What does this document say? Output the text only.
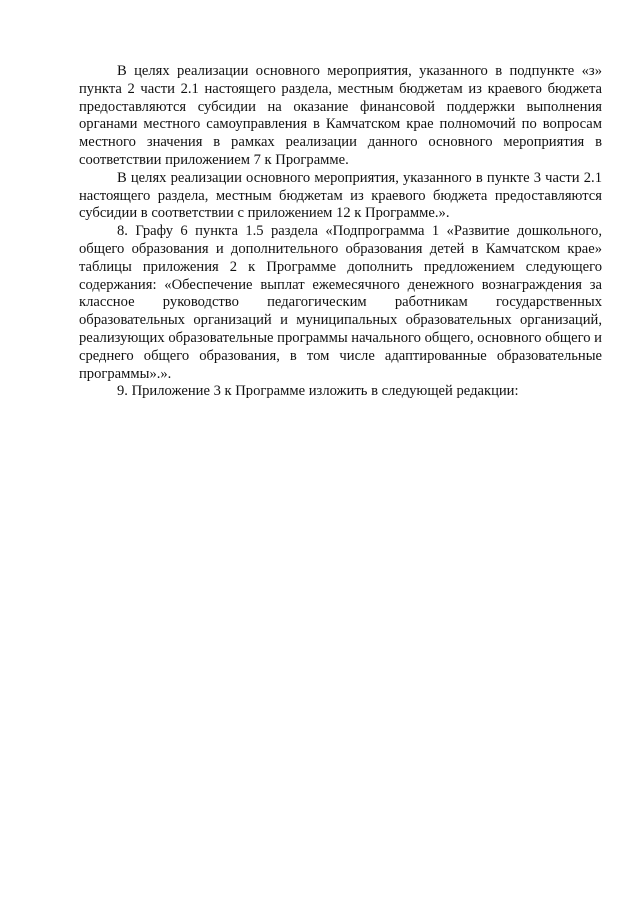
В целях реализации основного мероприятия, указанного в подпункте «з» пункта 2 части 2.1 настоящего раздела, местным бюджетам из краевого бюджета предоставляются субсидии на оказание финансовой поддержки выполнения органами местного самоуправления в Камчатском крае полномочий по вопросам местного значения в рамках реализации данного основного мероприятия в соответствии приложением 7 к Программе.

В целях реализации основного мероприятия, указанного в пункте 3 части 2.1 настоящего раздела, местным бюджетам из краевого бюджета предоставляются субсидии в соответствии с приложением 12 к Программе.».

8. Графу 6 пункта 1.5 раздела «Подпрограмма 1 «Развитие дошкольного, общего образования и дополнительного образования детей в Камчатском крае» таблицы приложения 2 к Программе дополнить предложением следующего содержания: «Обеспечение выплат ежемесячного денежного вознаграждения за классное руководство педагогическим работникам государственных образовательных организаций и муниципальных образовательных организаций, реализующих образовательные программы начального общего, основного общего и среднего общего образования, в том числе адаптированные образовательные программы».».

9. Приложение 3 к Программе изложить в следующей редакции:
